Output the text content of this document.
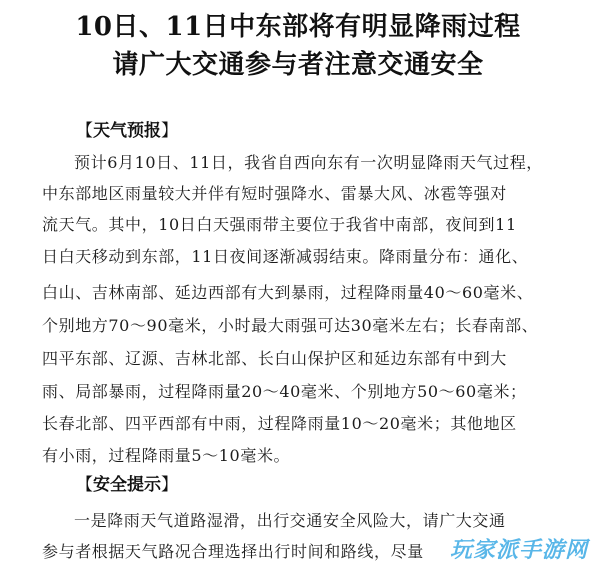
10日、11日中东部将有明显降雨过程
请广大交通参与者注意交通安全
【天气预报】
预计6月10日、11日，我省自西向东有一次明显降雨天气过程，
中东部地区雨量较大并伴有短时强降水、雷暴大风、冰雹等强对
流天气。其中，10日白天强雨带主要位于我省中南部，夜间到11
日白天移动到东部，11日夜间逐渐减弱结束。降雨量分布：通化、
白山、吉林南部、延边西部有大到暴雨，过程降雨量40～60毫米、
个别地方70～90毫米，小时最大雨强可达30毫米左右；长春南部、
四平东部、辽源、吉林北部、长白山保护区和延边东部有中到大
雨、局部暴雨，过程降雨量20～40毫米、个别地方50～60毫米；
长春北部、四平西部有中雨，过程降雨量10～20毫米；其他地区
有小雨，过程降雨量5～10毫米。
【安全提示】
一是降雨天气道路湿滑，出行交通安全风险大，请广大交通
参与者根据天气路况合理选择出行时间和路线，尽量	玩家派手游网
